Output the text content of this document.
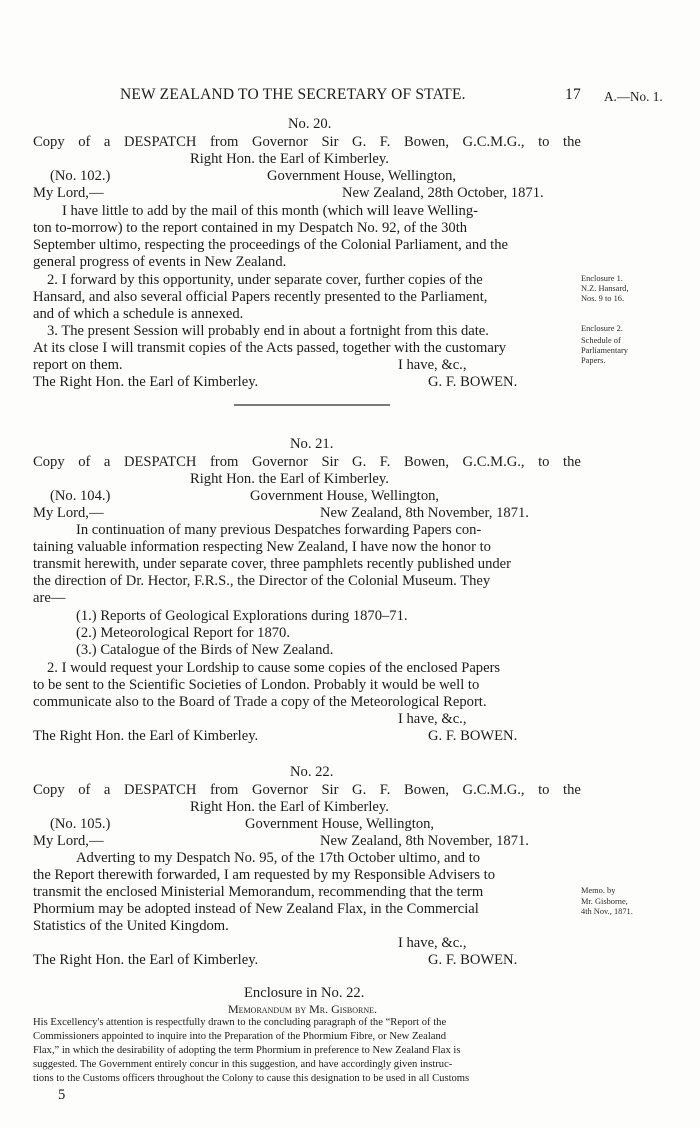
NEW ZEALAND TO THE SECRETARY OF STATE.	17 A.—No. 1.
No. 20.
Copy of a DESPATCH from Governor Sir G. F. Bowen, G.C.M.G., to the
Right Hon. the Earl of Kimberley.
(No. 102.)	Government House, Wellington,
My Lord,—	New Zealand, 28th October, 1871.
I have little to add by the mail of this month (which will leave Welling-
ton to-morrow) to the report contained in my Despatch No. 92, of the 30th
September ultimo, respecting the proceedings of the Colonial Parliament, and the
general progress of events in New Zealand.
2. I forward by this opportunity, under separate cover, further copies of the
Hansard, and also several official Papers recently presented to the Parliament,
and of which a schedule is annexed.
3. The present Session will probably end in about a fortnight from this date.
At its close I will transmit copies of the Acts passed, together with the customary
report on them.	I have, &c.,
The Right Hon. the Earl of Kimberley.	G. F. BOWEN.
Enclosure 1.
N.Z. Hansard,
Nos. 9 to 16.
Enclosure 2.
Schedule of
Parliamentary
Papers.
No. 21.
Copy of a DESPATCH from Governor Sir G. F. Bowen, G.C.M.G., to the
Right Hon. the Earl of Kimberley.
(No. 104.)	Government House, Wellington,
My Lord,—	New Zealand, 8th November, 1871.
In continuation of many previous Despatches forwarding Papers con-
taining valuable information respecting New Zealand, I have now the honor to
transmit herewith, under separate cover, three pamphlets recently published under
the direction of Dr. Hector, F.R.S., the Director of the Colonial Museum. They
are—
(1.) Reports of Geological Explorations during 1870–71.
(2.) Meteorological Report for 1870.
(3.) Catalogue of the Birds of New Zealand.
2. I would request your Lordship to cause some copies of the enclosed Papers
to be sent to the Scientific Societies of London. Probably it would be well to
communicate also to the Board of Trade a copy of the Meteorological Report.
I have, &c.,
The Right Hon. the Earl of Kimberley.	G. F. BOWEN.
No. 22.
Copy of a DESPATCH from Governor Sir G. F. Bowen, G.C.M.G., to the
Right Hon. the Earl of Kimberley.
(No. 105.)	Government House, Wellington,
My Lord,—	New Zealand, 8th November, 1871.
Adverting to my Despatch No. 95, of the 17th October ultimo, and to
the Report therewith forwarded, I am requested by my Responsible Advisers to
transmit the enclosed Ministerial Memorandum, recommending that the term
Phormium may be adopted instead of New Zealand Flax, in the Commercial
Statistics of the United Kingdom.
I have, &c.,
The Right Hon. the Earl of Kimberley.	G. F. BOWEN.
Memo. by
Mr. Gisborne,
4th Nov., 1871.
Enclosure in No. 22.
Memorandum by Mr. Gisborne.
His Excellency's attention is respectfully drawn to the concluding paragraph of the “Report of the
Commissioners appointed to inquire into the Preparation of the Phormium Fibre, or New Zealand
Flax,” in which the desirability of adopting the term Phormium in preference to New Zealand Flax is
suggested. The Government entirely concur in this suggestion, and have accordingly given instruc-
tions to the Customs officers throughout the Colony to cause this designation to be used in all Customs
5
